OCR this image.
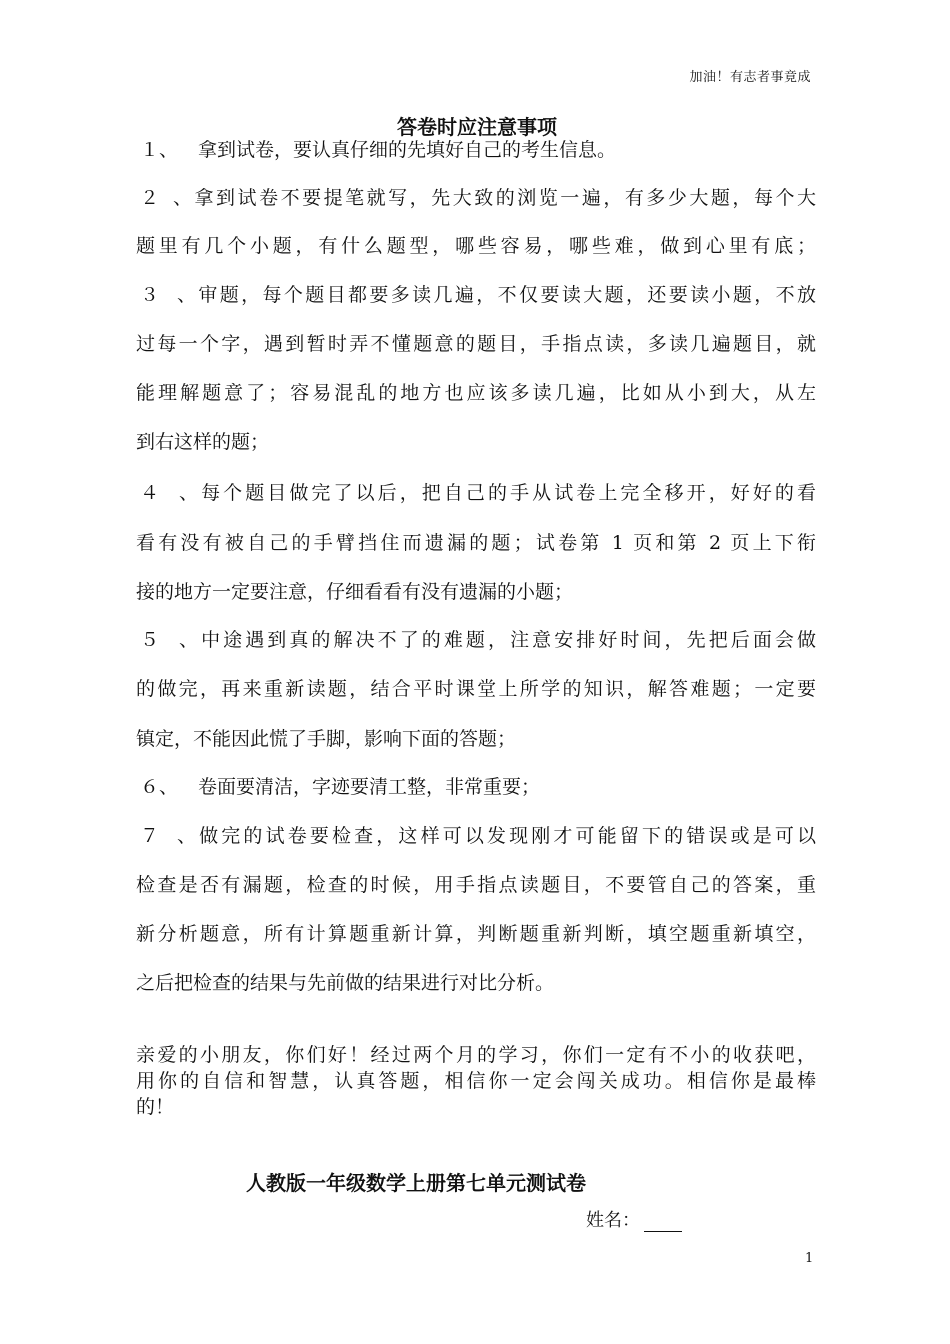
加油！有志者事竟成
答卷时应注意事项
１、 拿到试卷，要认真仔细的先填好自己的考生信息。
２、拿到试卷不要提笔就写，先大致的浏览一遍，有多少大题，每个大
题里有几个小题，有什么题型，哪些容易，哪些难，做到心里有底；
３、审题，每个题目都要多读几遍，不仅要读大题，还要读小题，不放
过每一个字，遇到暂时弄不懂题意的题目，手指点读，多读几遍题目，就
能理解题意了；容易混乱的地方也应该多读几遍，比如从小到大，从左
到右这样的题；
４、每个题目做完了以后，把自己的手从试卷上完全移开，好好的看
看有没有被自己的手臂挡住而遗漏的题；试卷第 1 页和第 2 页上下衔
接的地方一定要注意，仔细看看有没有遗漏的小题；
５、中途遇到真的解决不了的难题，注意安排好时间，先把后面会做
的做完，再来重新读题，结合平时课堂上所学的知识，解答难题；一定要
镇定，不能因此慌了手脚，影响下面的答题；
６、 卷面要清洁，字迹要清工整，非常重要；
７、做完的试卷要检查，这样可以发现刚才可能留下的错误或是可以
检查是否有漏题，检查的时候，用手指点读题目，不要管自己的答案，重
新分析题意，所有计算题重新计算，判断题重新判断，填空题重新填空，
之后把检查的结果与先前做的结果进行对比分析。
亲爱的小朋友，你们好！经过两个月的学习，你们一定有不小的收获吧，
用你的自信和智慧，认真答题，相信你一定会闯关成功。相信你是最棒
的！
人教版一年级数学上册第七单元测试卷
姓名：
1
